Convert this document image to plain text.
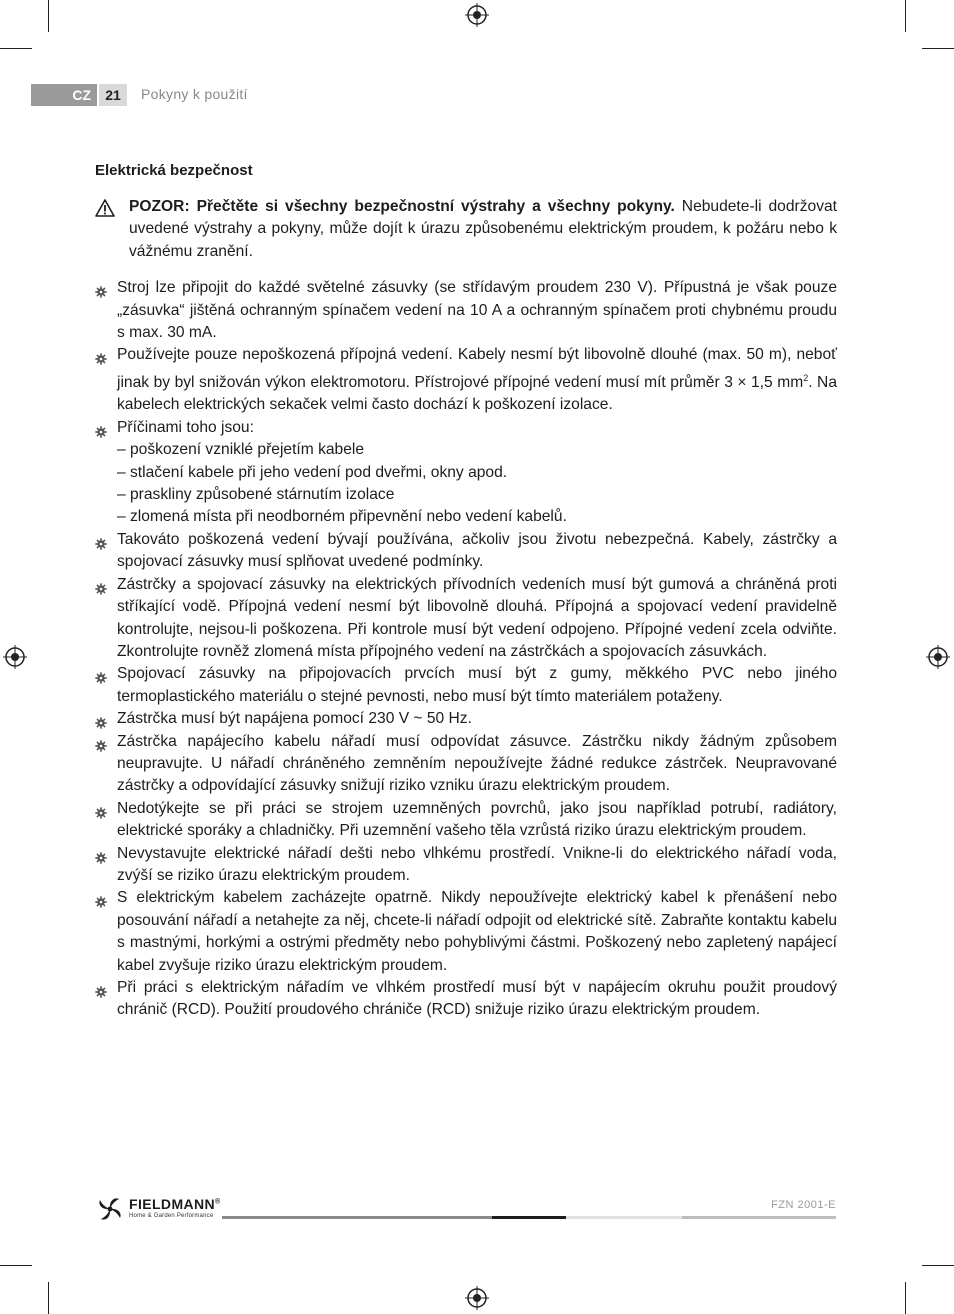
CZ	21	Pokyny k použití
Elektrická bezpečnost
POZOR: Přečtěte si všechny bezpečnostní výstrahy a všechny pokyny. Nebudete-li dodržovat uvedené výstrahy a pokyny, může dojít k úrazu způsobenému elektrickým proudem, k požáru nebo k vážnému zranění.
Stroj lze připojit do každé světelné zásuvky (se střídavým proudem 230 V). Přípustná je však pouze „zásuvka“ jištěná ochranným spínačem vedení na 10 A a ochranným spínačem proti chybnému proudu s max. 30 mA.
Používejte pouze nepoškozená přípojná vedení. Kabely nesmí být libovolně dlouhé (max. 50 m), neboť jinak by byl snižován výkon elektromotoru. Přístrojové přípojné vedení musí mít průměr 3 × 1,5 $mm^2$. Na kabelech elektrických sekaček velmi často dochází k poškození izolace.
Příčinami toho jsou:
– poškození vzniklé přejetím kabele
– stlačení kabele při jeho vedení pod dveřmi, okny apod.
– praskliny způsobené stárnutím izolace
– zlomená místa při neodborném připevnění nebo vedení kabelů.
Takováto poškozená vedení bývají používána, ačkoliv jsou životu nebezpečná. Kabely, zástrčky a spojovací zásuvky musí splňovat uvedené podmínky.
Zástrčky a spojovací zásuvky na elektrických přívodních vedeních musí být gumová a chráněná proti stříkající vodě. Přípojná vedení nesmí být libovolně dlouhá. Přípojná a spojovací vedení pravidelně kontrolujte, nejsou-li poškozena. Při kontrole musí být vedení odpojeno. Přípojné vedení zcela odviňte. Zkontrolujte rovněž zlomená místa přípojného vedení na zástrčkách a spojovacích zásuvkách.
Spojovací zásuvky na připojovacích prvcích musí být z gumy, měkkého PVC nebo jiného termoplastického materiálu o stejné pevnosti, nebo musí být tímto materiálem potaženy.
Zástrčka musí být napájena pomocí 230 V ~ 50 Hz.
Zástrčka napájecího kabelu nářadí musí odpovídat zásuvce. Zástrčku nikdy žádným způsobem neupravujte. U nářadí chráněného zemněním nepoužívejte žádné redukce zástrček. Neupravované zástrčky a odpovídající zásuvky snižují riziko vzniku úrazu elektrickým proudem.
Nedotýkejte se při práci se strojem uzemněných povrchů, jako jsou například potrubí, radiátory, elektrické sporáky a chladničky. Při uzemnění vašeho těla vzrůstá riziko úrazu elektrickým proudem.
Nevystavujte elektrické nářadí dešti nebo vlhkému prostředí. Vnikne-li do elektrického nářadí voda, zvýší se riziko úrazu elektrickým proudem.
S elektrickým kabelem zacházejte opatrně. Nikdy nepoužívejte elektrický kabel k přenášení nebo posouvání nářadí a netahejte za něj, chcete-li nářadí odpojit od elektrické sítě. Zabraňte kontaktu kabelu s mastnými, horkými a ostrými předměty nebo pohyblivými částmi. Poškozený nebo zapletený napájecí kabel zvyšuje riziko úrazu elektrickým proudem.
Při práci s elektrickým nářadím ve vlhkém prostředí musí být v napájecím okruhu použit proudový chránič (RCD). Použití proudového chrániče (RCD) snižuje riziko úrazu elektrickým proudem.
FIELDMANN®
Home & Garden Performance
FZN 2001-E
